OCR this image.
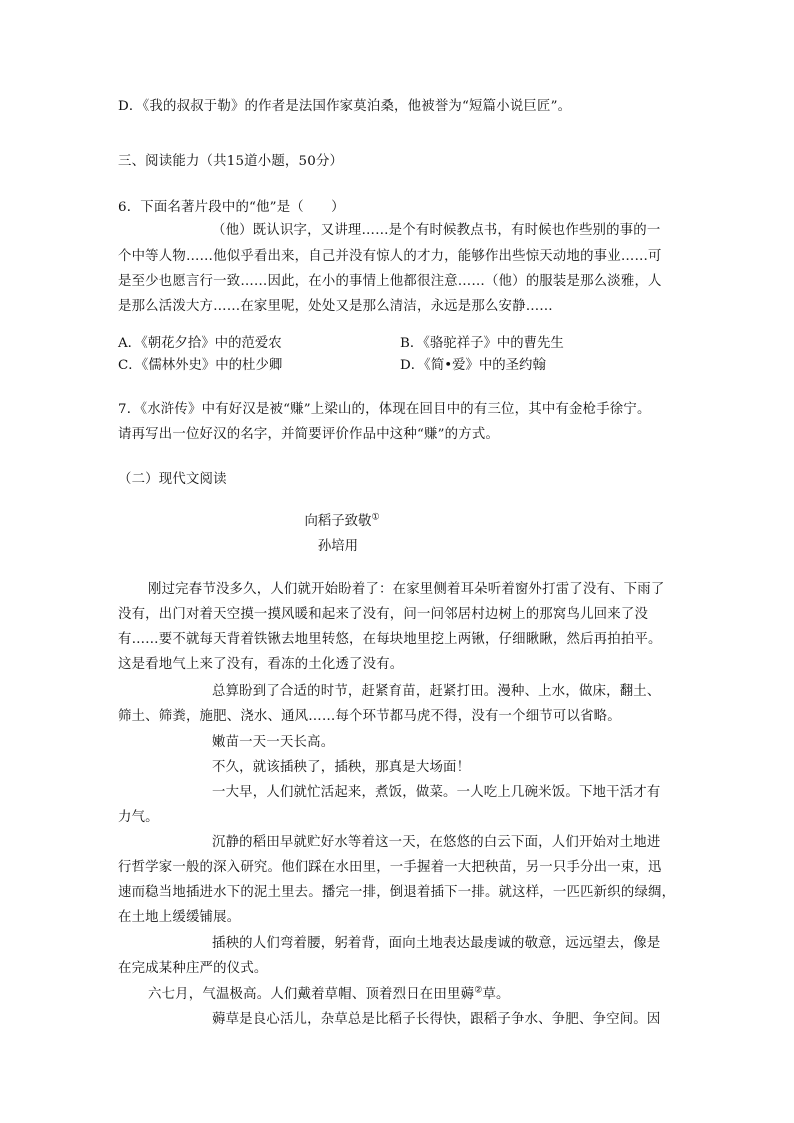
D．《我的叔叔于勒》的作者是法国作家莫泊桑，他被誉为“短篇小说巨匠”。
三、阅读能力（共15道小题，50分）
6．下面名著片段中的“他”是（　　）
（他）既认识字，又讲理……是个有时候教点书，有时候也作些别的事的一
个中等人物……他似乎看出来，自己并没有惊人的才力，能够作出些惊天动地的事业……可
是至少也愿言行一致……因此，在小的事情上他都很注意……（他）的服装是那么淡雅，人
是那么活泼大方……在家里呢，处处又是那么清洁，永远是那么安静……
A．《朝花夕拾》中的范爱农	B．《骆驼祥子》中的曹先生
C．《儒林外史》中的杜少卿	D．《简•爱》中的圣约翰
7．《水浒传》中有好汉是被“赚”上梁山的，体现在回目中的有三位，其中有金枪手徐宁。
请再写出一位好汉的名字，并简要评价作品中这种“赚”的方式。
（二）现代文阅读
向稻子致敬①
孙培用
刚过完春节没多久，人们就开始盼着了：在家里侧着耳朵听着窗外打雷了没有、下雨了
没有，出门对着天空摸一摸风暖和起来了没有，问一问邻居村边树上的那窝鸟儿回来了没
有……要不就每天背着铁锹去地里转悠，在每块地里挖上两锹，仔细瞅瞅，然后再拍拍平。
这是看地气上来了没有，看冻的土化透了没有。
总算盼到了合适的时节，赶紧育苗，赶紧打田。漫种、上水，做床，翻土、
筛土、筛粪，施肥、浇水、通风……每个环节都马虎不得，没有一个细节可以省略。
嫩苗一天一天长高。
不久，就该插秧了，插秧，那真是大场面！
一大早，人们就忙活起来，煮饭，做菜。一人吃上几碗米饭。下地干活才有
力气。
沉静的稻田早就贮好水等着这一天，在悠悠的白云下面，人们开始对土地进
行哲学家一般的深入研究。他们踩在水田里，一手握着一大把秧苗，另一只手分出一束，迅
速而稳当地插进水下的泥土里去。播完一排，倒退着插下一排。就这样，一匹匹新织的绿绸，
在土地上缓缓铺展。
插秧的人们弯着腰，躬着背，面向土地表达最虔诚的敬意，远远望去，像是
在完成某种庄严的仪式。
六七月，气温极高。人们戴着草帽、顶着烈日在田里薅②草。
薅草是良心活儿，杂草总是比稻子长得快，跟稻子争水、争肥、争空间。因
